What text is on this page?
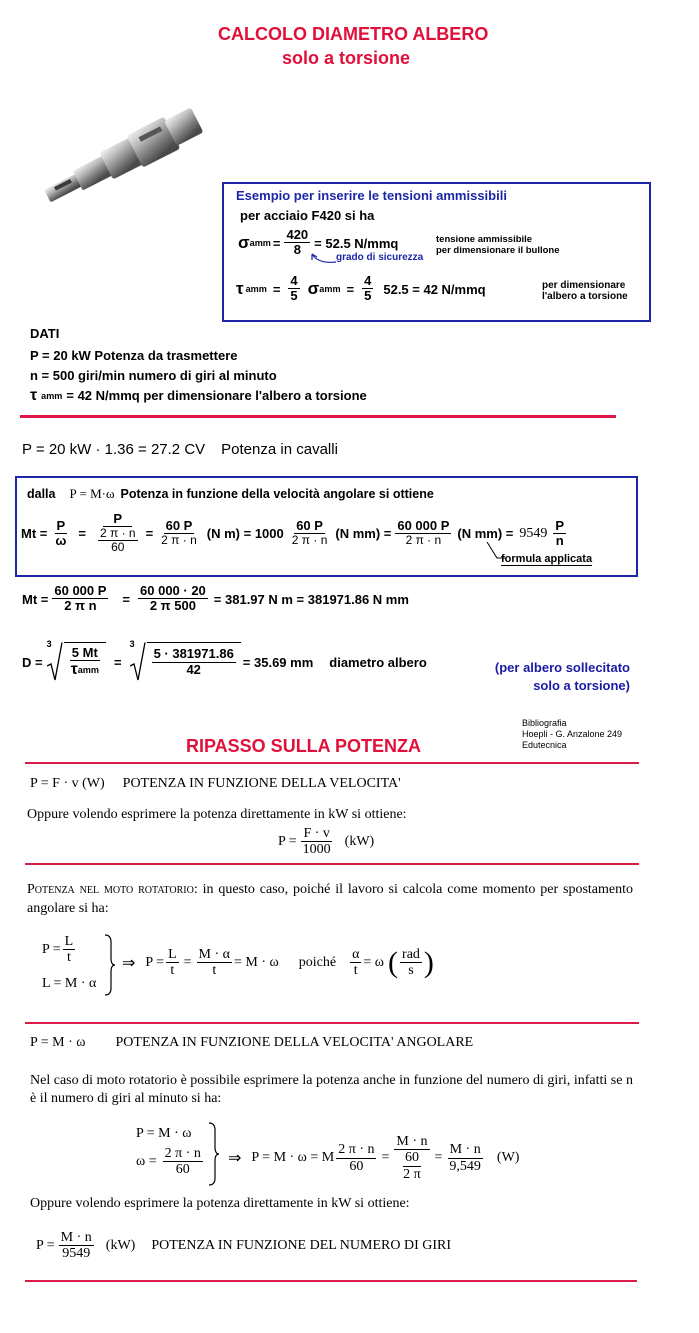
CALCOLO DIAMETRO ALBERO
solo a torsione
Esempio per inserire le tensioni ammissibili
per acciaio F420 si ha
σ amm = $\frac{420}{8} = 52.5$ N/mmq	tensione ammissibile
per dimensionare il bullone
grado di sicurezza
τ amm = $\frac{4}{5}$ σ amm = $\frac{4}{5} 52.5 = 42$ N/mmq	per dimensionare
l'albero a torsione
DATI
P = 20 kW Potenza da trasmettere
n = 500 giri/min numero di giri al minuto
τ amm = 42 N/mmq per dimensionare l'albero a torsione
P = 20 kW · 1.36 = 27.2 CV Potenza in cavalli
dalla P = M·ω Potenza in funzione della velocità angolare si ottiene
$Mt = \frac{P}{\omega} = \frac{P}{\frac{2 \pi \cdot n}{60}} = \frac{60 P}{2 \pi \cdot n} (N$ $m) = 1000 \frac{60 P}{2 \pi \cdot n} (N$ $mm) = \frac{60 000 P}{2 \pi \cdot n} (N$ $mm) = 9549 \frac{P}{n}$
formula applicata
$Mt = \frac{60 000 P}{\text{2 π n}} = \frac{60 000 \cdot 20}{2 \pi 500} = 381.97$ N m = 381971.86 N mm
D =
3
$\frac{5 Mt}{\text{τ amm}}$ =
3
$\frac{5 \cdot 381971.86}{42} = 35.69$ mm diametro albero	(per albero sollecitato
solo a torsione)
Bibliografia
Hoepli - G. Anzalone 249
Edutecnica
RIPASSO SULLA POTENZA
P = F · v (W) POTENZA IN FUNZIONE DELLA VELOCITA'
Oppure volendo esprimere la potenza direttamente in kW si ottiene:
$P = \frac{F \cdot v}{1000} (kW)$
Potenza nel moto rotatorio: in questo caso, poiché il lavoro si calcola come momento per spostamento angolare si ha:
$P = \frac{L}{t}$
L = M · α
⇒ $P = \frac{L}{t} = \frac{M \cdot \alpha}{t} = M \cdot \omega$ poiché $\frac{\alpha}{t} = \omega$ ( $\frac{\text{rad}}{s}$ )
P = M · ω POTENZA IN FUNZIONE DELLA VELOCITA' ANGOLARE
Nel caso di moto rotatorio è possibile esprimere la potenza anche in funzione del numero di giri, infatti se n è il numero di giri al minuto si ha:
P = M · ω
$\omega = \frac{2 \pi \cdot n}{60}$ ⇒ P = M · ω = M $\frac{2 \pi \cdot n}{60} = \frac{M \cdot n}{\frac{60}{2 \pi}} = \frac{M \cdot n}{9,549} (W)$
Oppure volendo esprimere la potenza direttamente in kW si ottiene:
$P = \frac{M \cdot n}{9549} (kW)$ POTENZA IN FUNZIONE DEL NUMERO DI GIRI
